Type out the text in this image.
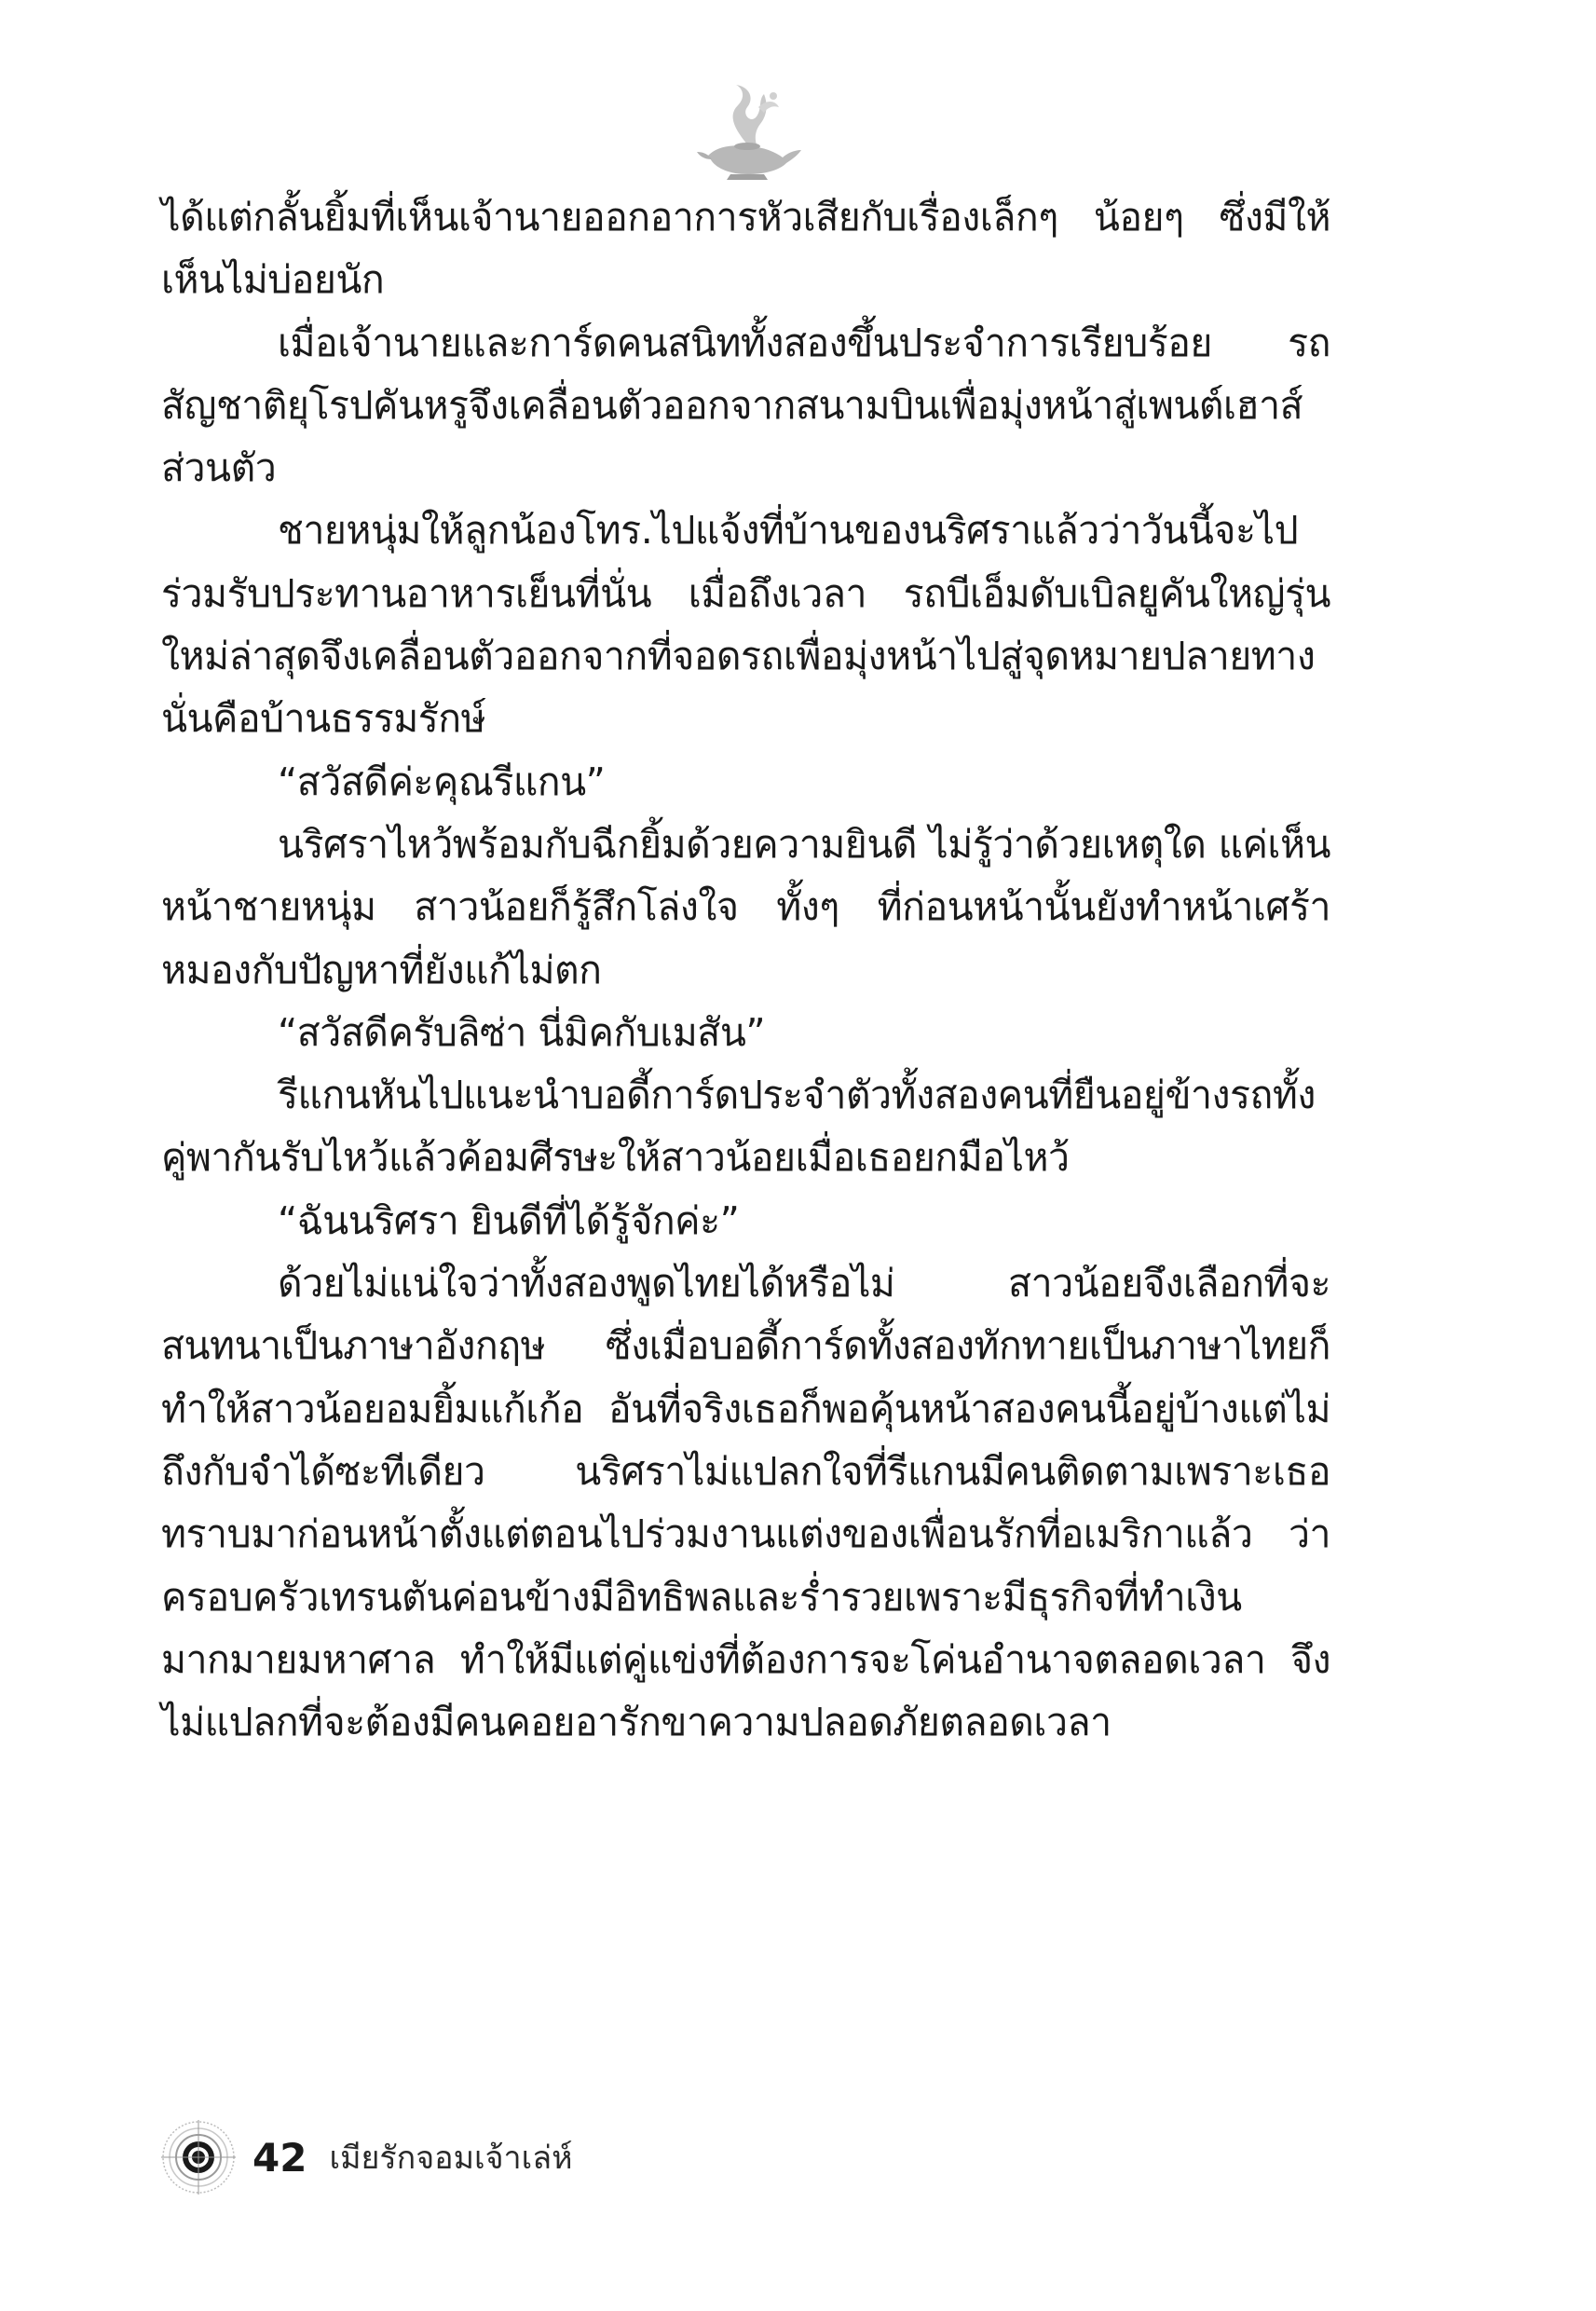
ได้แต่กลั้นยิ้มที่เห็นเจ้านายออกอาการหัวเสียกับเรื่องเล็กๆ น้อยๆ ซึ่งมีให้เห็นไม่บ่อยนัก

เมื่อเจ้านายและการ์ดคนสนิททั้งสองขึ้นประจำการเรียบร้อย รถสัญชาติยุโรปคันหรูจึงเคลื่อนตัวออกจากสนามบินเพื่อมุ่งหน้าสู่เพนต์เฮาส์ส่วนตัว

ชายหนุ่มให้ลูกน้องโทร.ไปแจ้งที่บ้านของนริศราแล้วว่าวันนี้จะไปร่วมรับประทานอาหารเย็นที่นั่น เมื่อถึงเวลา รถบีเอ็มดับเบิลยูคันใหญ่รุ่นใหม่ล่าสุดจึงเคลื่อนตัวออกจากที่จอดรถเพื่อมุ่งหน้าไปสู่จุดหมายปลายทาง นั่นคือบ้านธรรมรักษ์

“สวัสดีค่ะคุณรีแกน”

นริศราไหว้พร้อมกับฉีกยิ้มด้วยความยินดี ไม่รู้ว่าด้วยเหตุใด แค่เห็นหน้าชายหนุ่ม สาวน้อยก็รู้สึกโล่งใจ ทั้งๆ ที่ก่อนหน้านั้นยังทำหน้าเศร้าหมองกับปัญหาที่ยังแก้ไม่ตก

“สวัสดีครับลิซ่า นี่มิคกับเมสัน”

รีแกนหันไปแนะนำบอดี้การ์ดประจำตัวทั้งสองคนที่ยืนอยู่ข้างรถทั้งคู่พากันรับไหว้แล้วค้อมศีรษะให้สาวน้อยเมื่อเธอยกมือไหว้

“ฉันนริศรา ยินดีที่ได้รู้จักค่ะ”

ด้วยไม่แน่ใจว่าทั้งสองพูดไทยได้หรือไม่ สาวน้อยจึงเลือกที่จะสนทนาเป็นภาษาอังกฤษ ซึ่งเมื่อบอดี้การ์ดทั้งสองทักทายเป็นภาษาไทยก็ทำให้สาวน้อยอมยิ้มแก้เก้อ อันที่จริงเธอก็พอคุ้นหน้าสองคนนี้อยู่บ้างแต่ไม่ถึงกับจำได้ซะทีเดียว นริศราไม่แปลกใจที่รีแกนมีคนติดตามเพราะเธอทราบมาก่อนหน้าตั้งแต่ตอนไปร่วมงานแต่งของเพื่อนรักที่อเมริกาแล้ว ว่าครอบครัวเทรนตันค่อนข้างมีอิทธิพลและร่ำรวยเพราะมีธุรกิจที่ทำเงินมากมายมหาศาล ทำให้มีแต่คู่แข่งที่ต้องการจะโค่นอำนาจตลอดเวลา จึงไม่แปลกที่จะต้องมีคนคอยอารักขาความปลอดภัยตลอดเวลา

42 เมียรักจอมเจ้าเล่ห์
